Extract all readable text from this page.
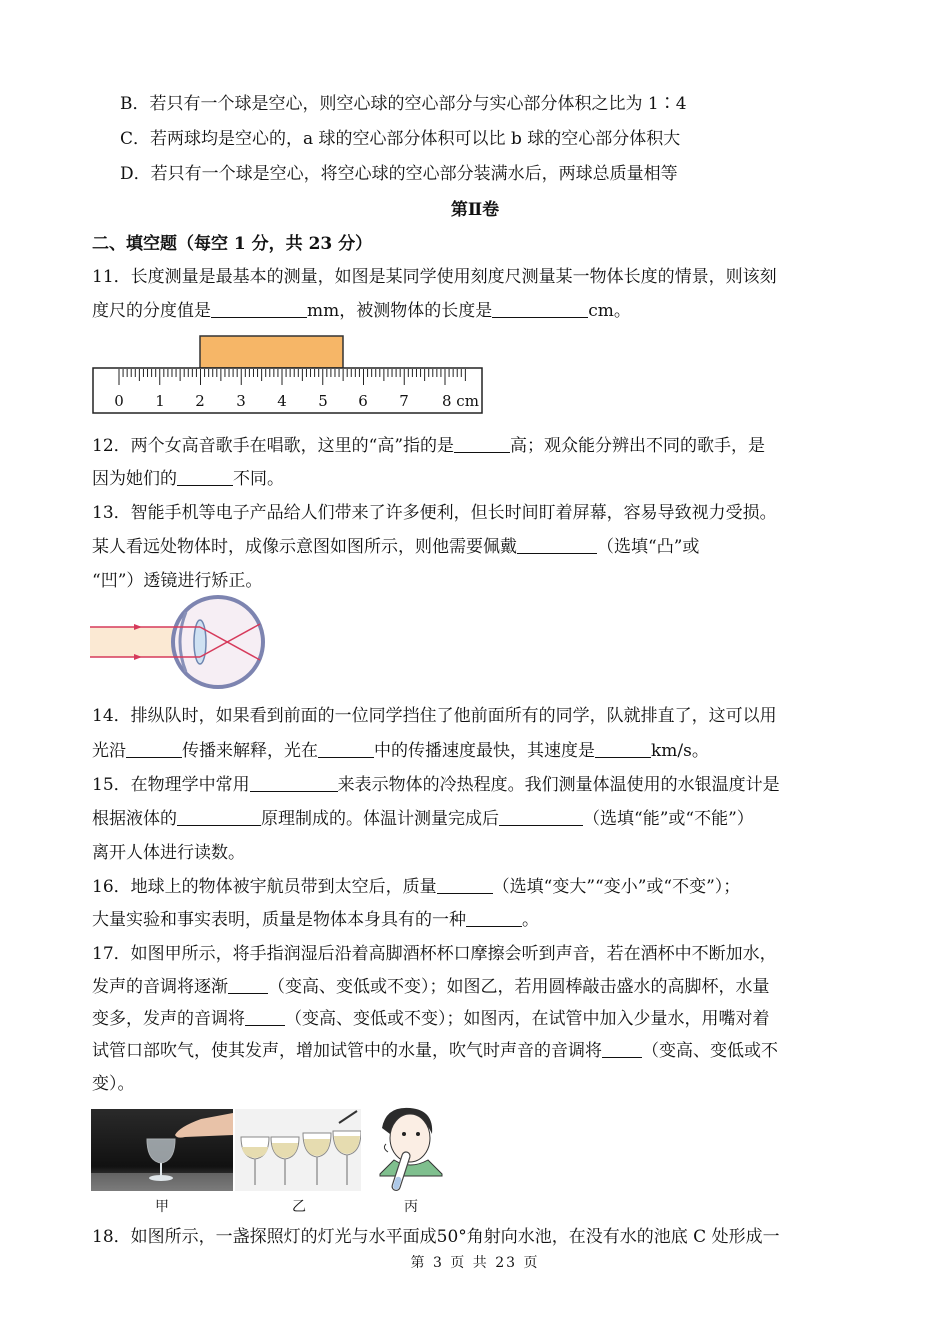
B．若只有一个球是空心，则空心球的空心部分与实心部分体积之比为 1∶4
C．若两球均是空心的，a 球的空心部分体积可以比 b 球的空心部分体积大
D．若只有一个球是空心，将空心球的空心部分装满水后，两球总质量相等
第Ⅱ卷
二、填空题（每空 1 分，共 23 分）
11．长度测量是最基本的测量，如图是某同学使用刻度尺测量某一物体长度的情景，则该刻
度尺的分度值是	mm，被测物体的长度是	cm。
0 1 2 3 4 5 6 7 8 cm
12．两个女高音歌手在唱歌，这里的“高”指的是	高；观众能分辨出不同的歌手，是
因为她们的	不同。
13．智能手机等电子产品给人们带来了许多便利，但长时间盯着屏幕，容易导致视力受损。
某人看远处物体时，成像示意图如图所示，则他需要佩戴	（选填“凸”或
“凹”）透镜进行矫正。
14．排纵队时，如果看到前面的一位同学挡住了他前面所有的同学，队就排直了，这可以用
光沿	传播来解释，光在	中的传播速度最快，其速度是	km/s。
15．在物理学中常用	来表示物体的冷热程度。我们测量体温使用的水银温度计是
根据液体的	原理制成的。体温计测量完成后	（选填“能”或“不能”）
离开人体进行读数。
16．地球上的物体被宇航员带到太空后，质量	（选填“变大”“变小”或“不变”）；
大量实验和事实表明，质量是物体本身具有的一种	。
17．如图甲所示，将手指润湿后沿着高脚酒杯杯口摩擦会听到声音，若在酒杯中不断加水，
发声的音调将逐渐 （变高、变低或不变）；如图乙，若用圆棒敲击盛水的高脚杯，水量
变多，发声的音调将 （变高、变低或不变）；如图丙，在试管中加入少量水，用嘴对着
试管口部吹气，使其发声，增加试管中的水量，吹气时声音的音调将 （变高、变低或不
变）。
甲	乙	丙
18．如图所示，一盏探照灯的灯光与水平面成50°角射向水池，在没有水的池底 C 处形成一
第 3 页 共 23 页
